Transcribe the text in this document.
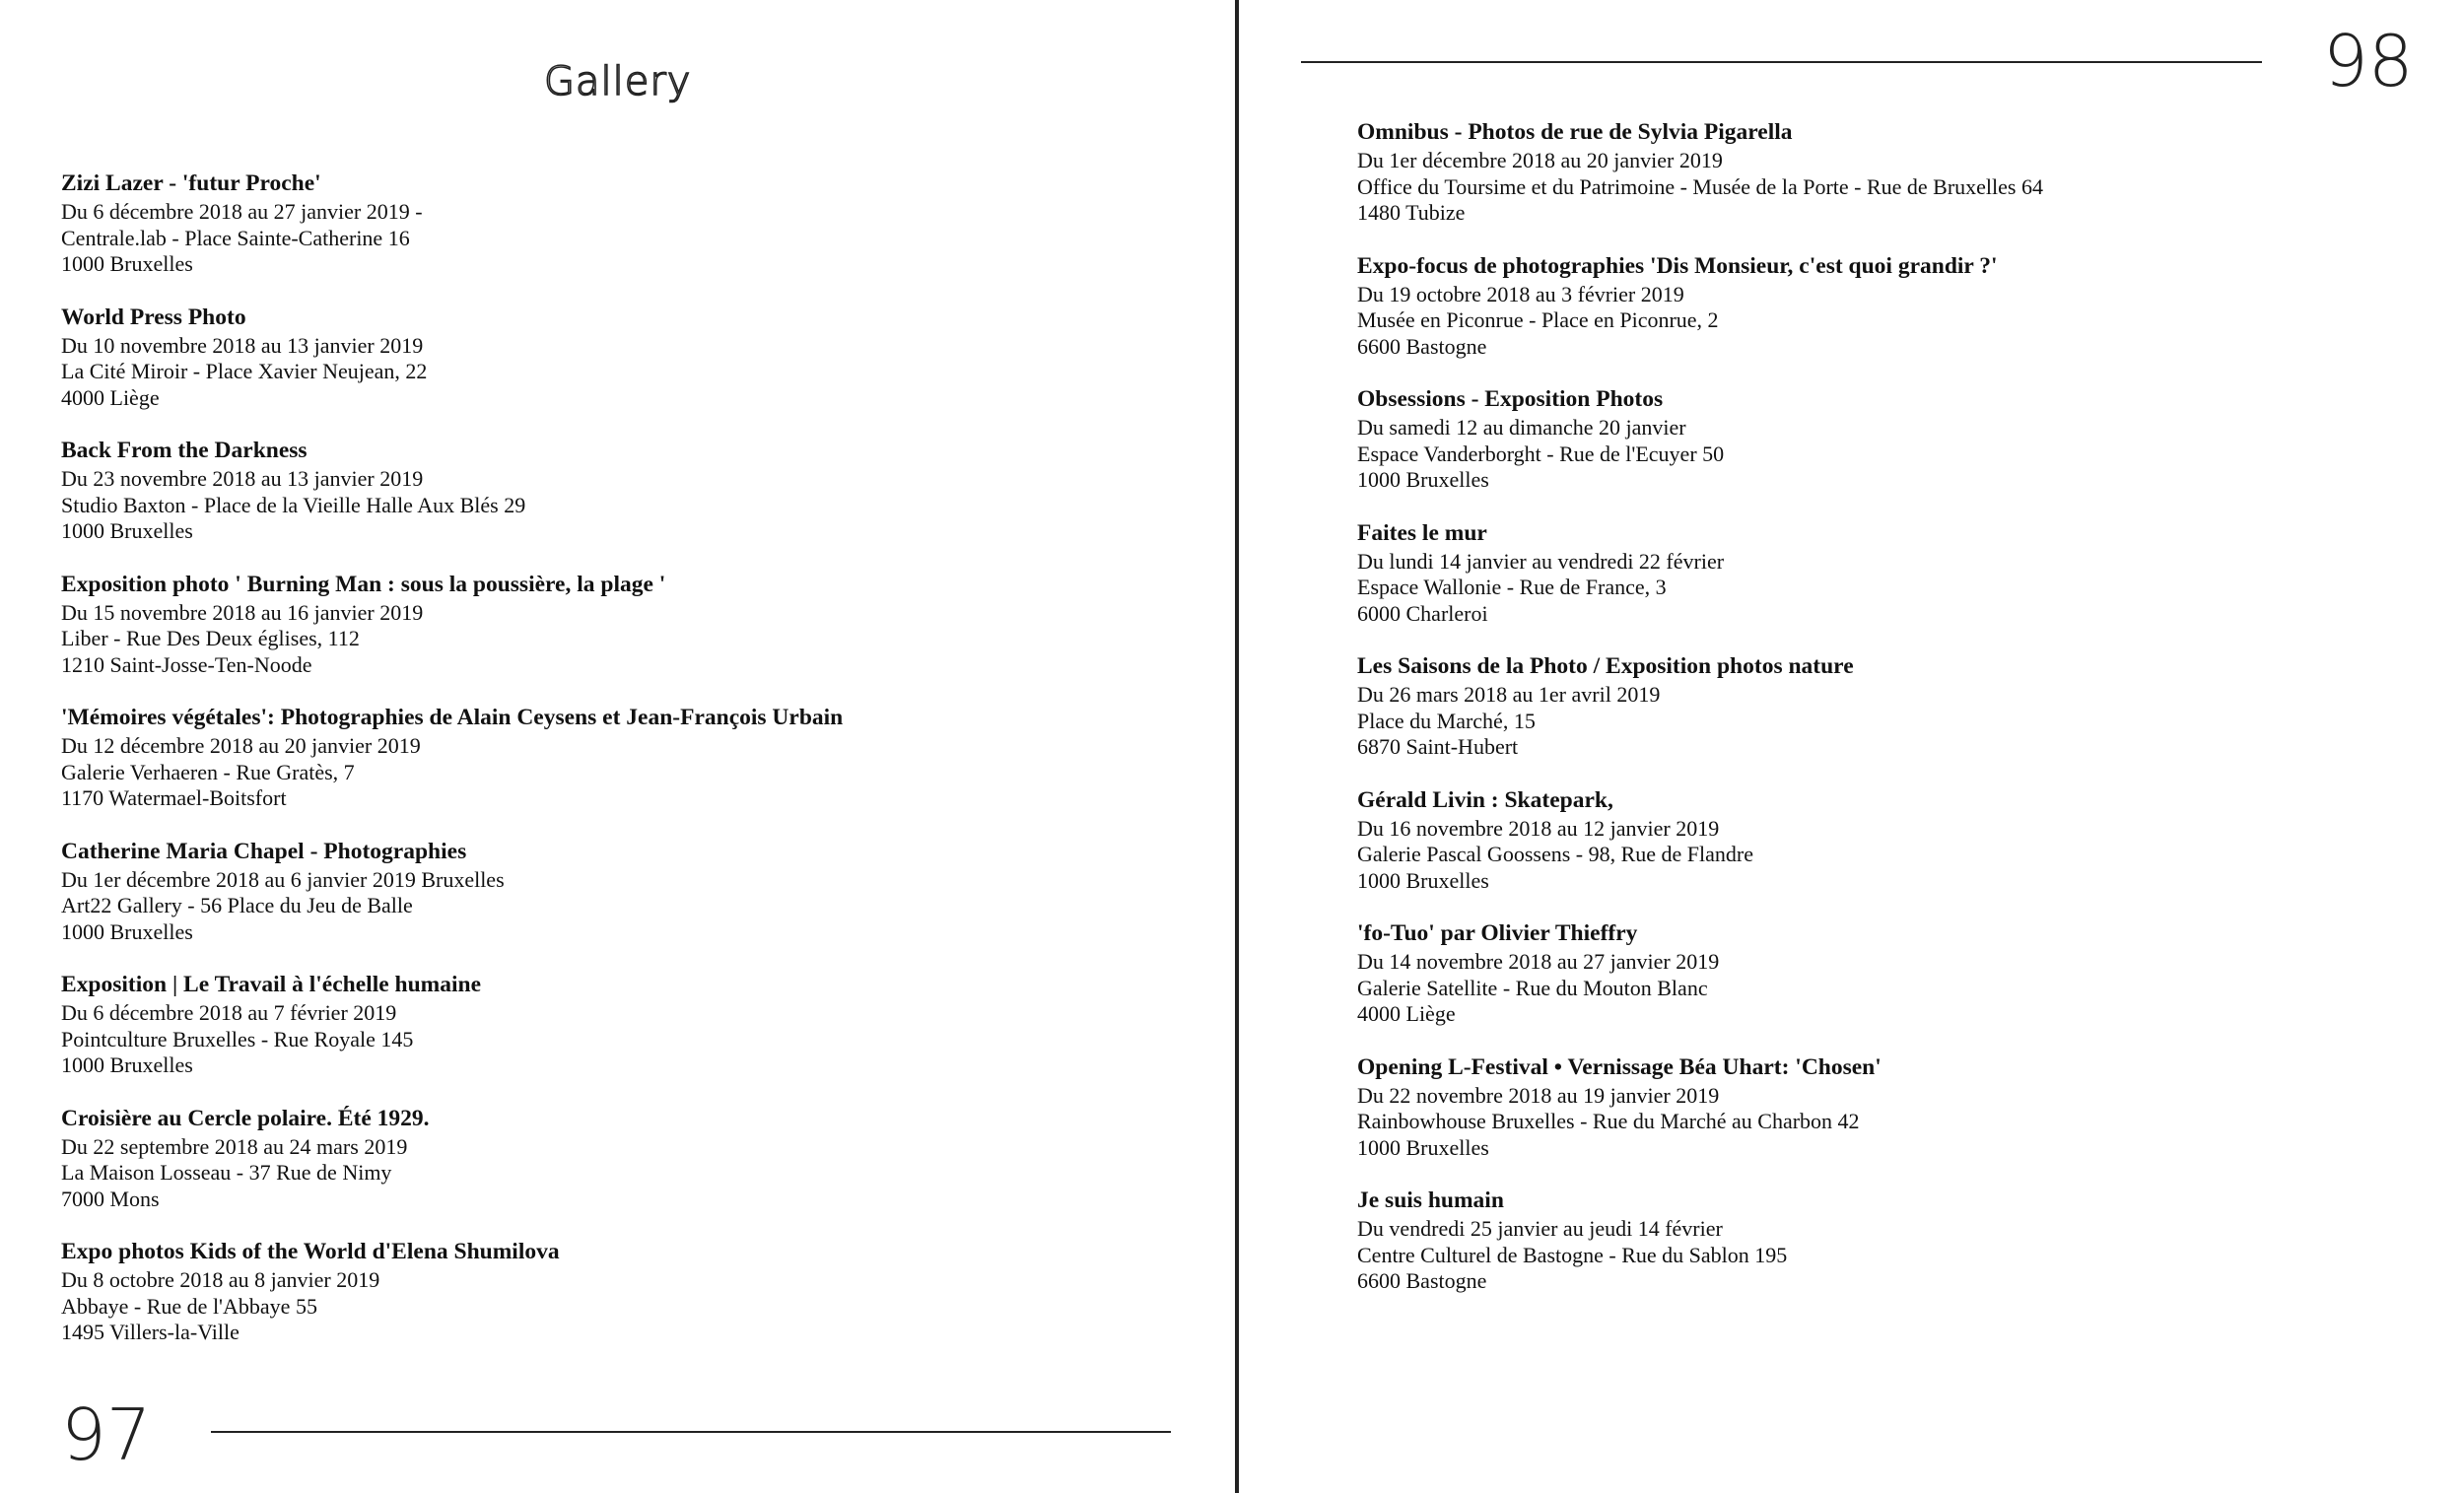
Gallery
Zizi Lazer - 'futur Proche'
Du 6 décembre 2018 au 27 janvier 2019 -
Centrale.lab - Place Sainte-Catherine 16
1000 Bruxelles
World Press Photo
Du 10 novembre 2018 au 13 janvier 2019
La Cité Miroir - Place Xavier Neujean, 22
4000 Liège
Back From the Darkness
Du 23 novembre 2018 au 13 janvier 2019
Studio Baxton - Place de la Vieille Halle Aux Blés 29
1000 Bruxelles
Exposition photo ' Burning Man : sous la poussière, la plage '
Du 15 novembre 2018 au 16 janvier 2019
Liber - Rue Des Deux églises, 112
1210 Saint-Josse-Ten-Noode
'Mémoires végétales': Photographies de Alain Ceysens et Jean-François Urbain
Du 12 décembre 2018 au 20 janvier 2019
Galerie Verhaeren - Rue Gratès, 7
1170 Watermael-Boitsfort
Catherine Maria Chapel - Photographies
Du 1er décembre 2018 au 6 janvier 2019 Bruxelles
Art22 Gallery - 56 Place du Jeu de Balle
1000 Bruxelles
Exposition | Le Travail à l'échelle humaine
Du 6 décembre 2018 au 7 février 2019
Pointculture Bruxelles - Rue Royale 145
1000 Bruxelles
Croisière au Cercle polaire. Été 1929.
Du 22 septembre 2018 au 24 mars 2019
La Maison Losseau - 37 Rue de Nimy
7000 Mons
Expo photos Kids of the World d'Elena Shumilova
Du 8 octobre 2018 au 8 janvier 2019
Abbaye - Rue de l'Abbaye 55
1495 Villers-la-Ville
97
98
Omnibus - Photos de rue de Sylvia Pigarella
Du 1er décembre 2018 au 20 janvier 2019
Office du Toursime et du Patrimoine - Musée de la Porte - Rue de Bruxelles 64
1480 Tubize
Expo-focus de photographies 'Dis Monsieur, c'est quoi grandir ?'
Du 19 octobre 2018 au 3 février 2019
Musée en Piconrue - Place en Piconrue, 2
6600 Bastogne
Obsessions - Exposition Photos
Du samedi 12 au dimanche 20 janvier
Espace Vanderborght - Rue de l'Ecuyer 50
1000 Bruxelles
Faites le mur
Du lundi 14 janvier au vendredi 22 février
Espace Wallonie - Rue de France, 3
6000 Charleroi
Les Saisons de la Photo / Exposition photos nature
Du 26 mars 2018 au 1er avril 2019
Place du Marché, 15
6870 Saint-Hubert
Gérald Livin : Skatepark,
Du 16 novembre 2018 au 12 janvier 2019
Galerie Pascal Goossens - 98, Rue de Flandre
1000 Bruxelles
'fo-Tuo' par Olivier Thieffry
Du 14 novembre 2018 au 27 janvier 2019
Galerie Satellite - Rue du Mouton Blanc
4000 Liège
Opening L-Festival • Vernissage Béa Uhart: 'Chosen'
Du 22 novembre 2018 au 19 janvier 2019
Rainbowhouse Bruxelles - Rue du Marché au Charbon 42
1000 Bruxelles
Je suis humain
Du vendredi 25 janvier au jeudi 14 février
Centre Culturel de Bastogne - Rue du Sablon 195
6600 Bastogne
